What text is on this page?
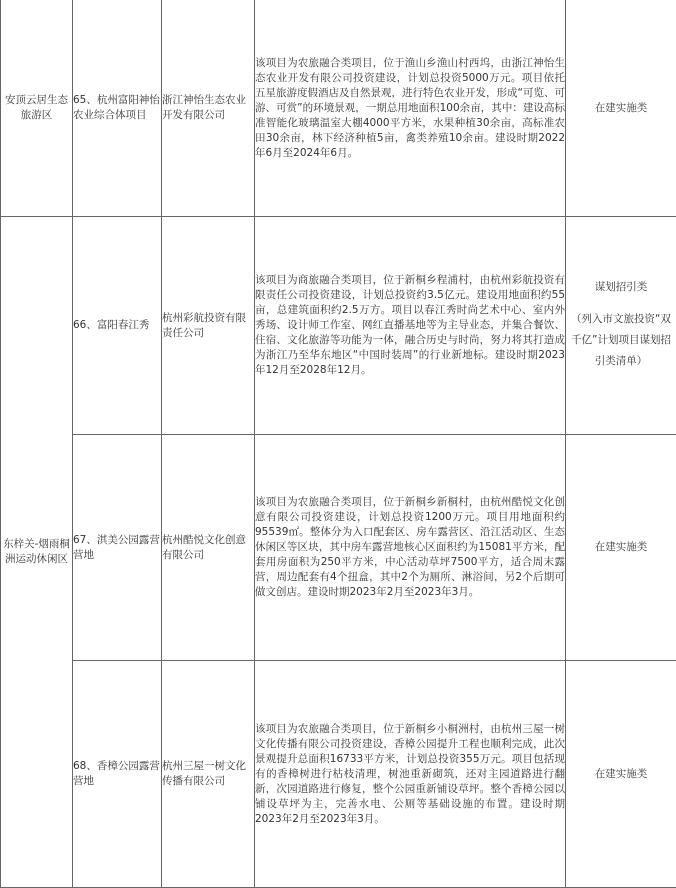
安顶云居生态旅游区	65、杭州富阳神怡农业综合体项目	浙江神怡生态农业开发有限公司	该项目为农旅融合类项目，位于渔山乡渔山村西坞，由浙江神怡生态农业开发有限公司投资建设，计划总投资5000万元。项目依托五星旅游度假酒店及自然景观，进行特色农业开发，形成“可览、可游、可赏”的环境景观，一期总用地面积100余亩，其中：建设高标准智能化玻璃温室大棚4000平方米，水果种植30余亩，高标准农田30余亩，林下经济种植5亩，禽类养殖10余亩。建设时期2022年6月至2024年6月。	在建实施类
东梓关-烟雨桐洲运动休闲区	66、富阳春江秀	杭州彩航投资有限责任公司	该项目为商旅融合类项目，位于新桐乡程浦村，由杭州彩航投资有限责任公司投资建设，计划总投资约3.5亿元。建设用地面积约55亩，总建筑面积约2.5万方。项目以春江秀时尚艺术中心、室内外秀场、设计师工作室、网红直播基地等为主导业态，并集合餐饮、住宿、文化旅游等功能为一体，融合历史与时尚，努力将其打造成为浙江乃至华东地区“中国时装周”的行业新地标。建设时期2023年12月至2028年12月。	谋划招引类
（列入市文旅投资“双千亿”计划项目谋划招引类清单）

	67、淇美公园露营营地	杭州酷悦文化创意有限公司	该项目为农旅融合类项目，位于新桐乡新桐村，由杭州酷悦文化创意有限公司投资建设，计划总投资1200万元。项目用地面积约95539㎡。整体分为入口配套区、房车露营区、沿江活动区、生态休闲区等区块，其中房车露营地核心区面积约为15081平方米，配套用房面积为250平方米，中心活动草坪7500平方，适合周末露营，周边配套有4个扭盒，其中2个为厕所、淋浴间，另2个后期可做文创店。建设时期2023年2月至2023年3月。	在建实施类
	68、香樟公园露营营地	杭州三屋一树文化传播有限公司	该项目为农旅融合类项目，位于新桐乡小桐洲村，由杭州三屋一树文化传播有限公司投资建设，香樟公园提升工程也顺利完成，此次景观提升总面积16733平方米，计划总投资355万元。项目包括现有的香樟树进行枯枝清理，树池重新砌筑，还对主园道路进行翻新，次园道路进行修复，整个公园重新铺设草坪。整个香樟公园以铺设草坪为主，完善水电、公厕等基础设施的布置。建设时期2023年2月至2023年3月。	在建实施类
